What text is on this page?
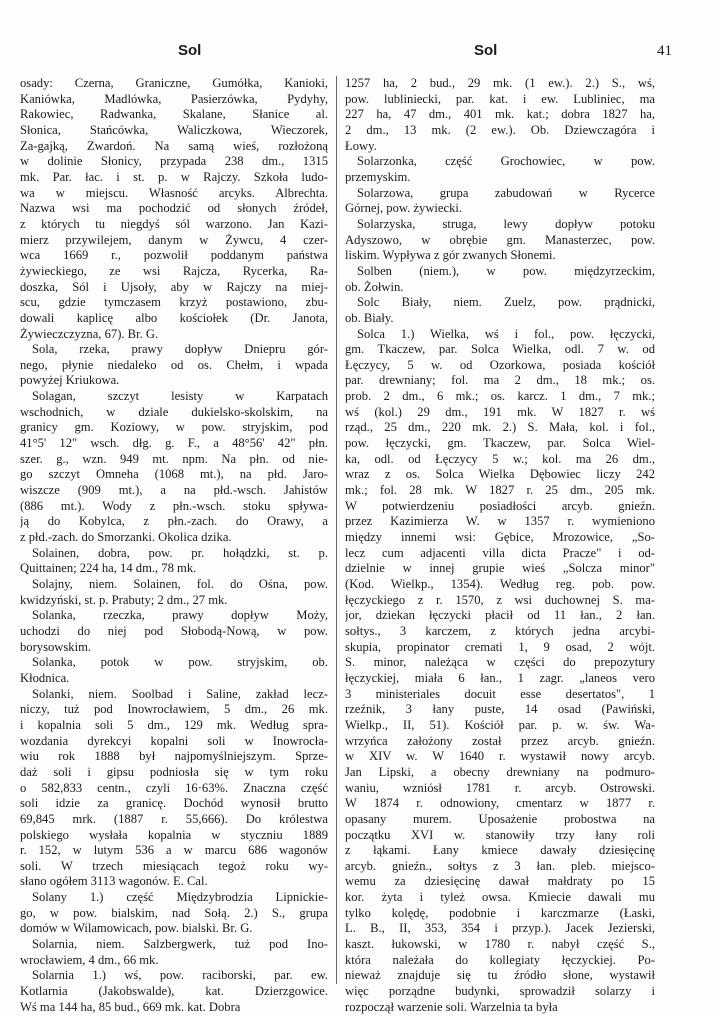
Sol	Sol	41
osady: Czerna, Graniczne, Gumółka, Kanioki,
Kaniówka, Madlówka, Pasierzówka, Pydyhy,
Rakowiec, Radwanka, Skalane, Słanice al.
Słonica, Stańcówka, Waliczkowa, Wieczorek,
Za-gajką, Zwardoń. Na samą wieś, rozłożoną
w dolinie Słonicy, przypada 238 dm., 1315
mk. Par. łac. i st. p. w Rajczy. Szkoła ludo-
wa w miejscu. Własność arcyks. Albrechta.
Nazwa wsi ma pochodzić od słonych źródeł,
z których tu niegdyś sól warzono. Jan Kazi-
mierz przywilejem, danym w Żywcu, 4 czer-
wca 1669 r., pozwolił poddanym państwa
żywieckiego, ze wsi Rajcza, Rycerka, Ra-
doszka, Sól i Ujsoły, aby w Rajczy na miej-
scu, gdzie tymczasem krzyż postawiono, zbu-
dowali kaplicę albo kościołek (Dr. Janota,
Żywieczczyzna, 67). Br. G.
Sola, rzeka, prawy dopływ Dniepru gór-
nego, płynie niedaleko od os. Chełm, i wpada
powyżej Kriukowa.
Solagan, szczyt lesisty w Karpatach
wschodnich, w dziale dukielsko-skolskim, na
granicy gm. Koziowy, w pow. stryjskim, pod
41°5' 12" wsch. dłg. g. F., a 48°56' 42" płn.
szer. g., wzn. 949 mt. npm. Na płn. od nie-
go szczyt Omneha (1068 mt.), na płd. Jaro-
wiszcze (909 mt.), a na płd.-wsch. Jahistów
(886 mt.). Wody z płn.-wsch. stoku spływa-
ją do Kobylca, z płn.-zach. do Orawy, a
z płd.-zach. do Smorzanki. Okolica dzika.
Solainen, dobra, pow. pr. hołądzki, st. p.
Quittainen; 224 ha, 14 dm., 78 mk.
Solajny, niem. Solainen, fol. do Ośna, pow.
kwidzyński, st. p. Prabuty; 2 dm., 27 mk.
Solanka, rzeczka, prawy dopływ Moży,
uchodzi do niej pod Słobodą-Nową, w pow.
borysowskim.
Solanka, potok w pow. stryjskim, ob.
Kłodnica.
Solanki, niem. Soolbad i Saline, zakład lecz-
niczy, tuż pod Inowrocławiem, 5 dm., 26 mk.
i kopalnia soli 5 dm., 129 mk. Według spra-
wozdania dyrekcyi kopalni soli w Inowrocła-
wiu rok 1888 był najpomyślniejszym. Sprze-
daż soli i gipsu podniosła się w tym roku
o 582,833 centn., czyli 16·63%. Znaczna część
soli idzie za granicę. Dochód wynosił brutto
69,845 mrk. (1887 r. 55,666). Do królestwa
polskiego wysłała kopalnia w styczniu 1889
r. 152, w lutym 536 a w marcu 686 wagonów
soli. W trzech miesiącach tegoż roku wy-
słano ogółem 3113 wagonów. E. Cal.
Solany 1.) część Międzybrodzia Lipnickie-
go, w pow. bialskim, nad Sołą. 2.) S., grupa
domów w Wilamowicach, pow. bialski. Br. G.
Solarnia, niem. Salzbergwerk, tuż pod Ino-
wrocławiem, 4 dm., 66 mk.
Solarnia 1.) wś, pow. raciborski, par. ew.
Kotlarnia (Jakobswalde), kat. Dzierzgowice.
Wś ma 144 ha, 85 bud., 669 mk. kat. Dobra
1257 ha, 2 bud., 29 mk. (1 ew.). 2.) S., wś,
pow. lubliniecki, par. kat. i ew. Lubliniec, ma
227 ha, 47 dm., 401 mk. kat.; dobra 1827 ha,
2 dm., 13 mk. (2 ew.). Ob. Dziewczagóra i
Łowy.
Solarzonka, część Grochowiec, w pow.
przemyskim.
Solarzowa, grupa zabudowań w Rycerce
Górnej, pow. żywiecki.
Solarzyska, struga, lewy dopływ potoku
Adyszowo, w obrębie gm. Manasterzec, pow.
liskim. Wypływa z gór zwanych Słonemi.
Solben (niem.), w pow. międzyrzeckim,
ob. Żołwin.
Solc Biały, niem. Zuelz, pow. prądnicki,
ob. Biały.
Solca 1.) Wielka, wś i fol., pow. łęczycki,
gm. Tkaczew, par. Solca Wielka, odl. 7 w. od
Łęczycy, 5 w. od Ozorkowa, posiada kościół
par. drewniany; fol. ma 2 dm., 18 mk.; os.
prob. 2 dm., 6 mk.; os. karcz. 1 dm., 7 mk.;
wś (kol.) 29 dm., 191 mk. W 1827 r. wś
rząd., 25 dm., 220 mk. 2.) S. Mała, kol. i fol.,
pow. łęczycki, gm. Tkaczew, par. Solca Wiel-
ka, odl. od Łęczycy 5 w.; kol. ma 26 dm.,
wraz z os. Solca Wielka Dębowiec liczy 242
mk.; fol. 28 mk. W 1827 r. 25 dm., 205 mk.
W potwierdzeniu posiadłości arcyb. gnieźn.
przez Kazimierza W. w 1357 r. wymieniono
między innemi wsi: Gębice, Mrozowice, „So-
lecz cum adjacenti villa dicta Pracze" i od-
dzielnie w innej grupie wieś „Solcza minor"
(Kod. Wielkp., 1354). Według reg. pob. pow.
łęczyckiego z r. 1570, z wsi duchownej S. ma-
jor, dziekan łęczycki płacił od 11 łan., 2 łan.
sołtys., 3 karczem, z których jedna arcybi-
skupia, propinator cremati 1, 9 osad, 2 wójt.
S. minor, należąca w części do prepozytury
łęczyckiej, miała 6 łan., 1 zagr. „laneos vero
3 ministeriales docuit esse desertatos", 1
rzeźnik, 3 łany puste, 14 osad (Pawiński,
Wielkp., II, 51). Kościół par. p. w. św. Wa-
wrzyńca założony został przez arcyb. gnieźn.
w XIV w. W 1640 r. wystawił nowy arcyb.
Jan Lipski, a obecny drewniany na podmuro-
waniu, wzniósł 1781 r. arcyb. Ostrowski.
W 1874 r. odnowiony, cmentarz w 1877 r.
opasany murem. Uposażenie probostwa na
początku XVI w. stanowiły trzy łany roli
z łąkami. Łany kmiece dawały dziesięcinę
arcyb. gnieźn., sołtys z 3 łan. pleb. miejsco-
wemu za dziesięcinę dawał małdraty po 15
kor. żyta i tyleż owsa. Kmiecie dawali mu
tylko kolędę, podobnie i karczmarze (Łaski,
L. B., II, 353, 354 i przyp.). Jacek Jezierski,
kaszt. łukowski, w 1780 r. nabył część S.,
która należała do kollegiaty łęczyckiej. Po-
nieważ znajduje się tu źródło słone, wystawił
więc porządne budynki, sprowadził solarzy i
rozpoczął warzenie soli. Warzelnia ta była
